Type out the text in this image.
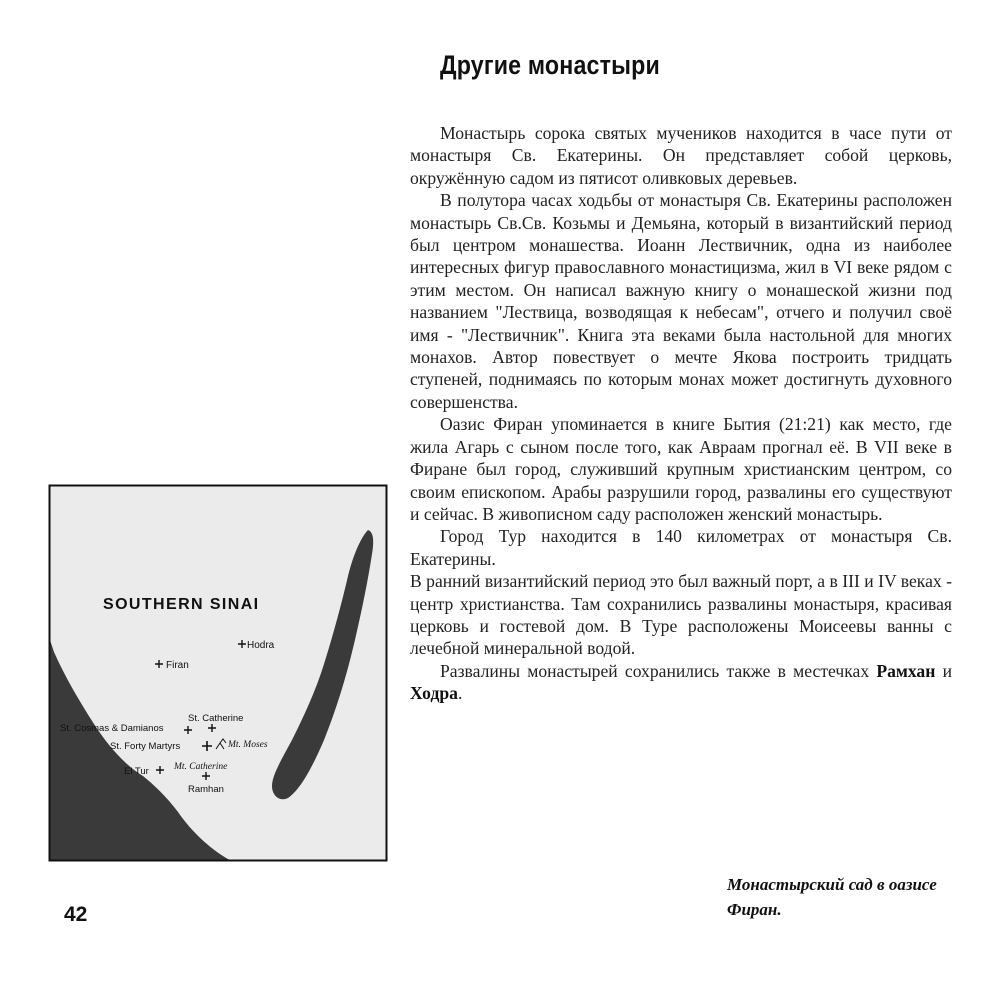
Другие монастыри

Монастырь сорока святых мучеников находится в часе пути от монастыря Св. Екатерины. Он представляет собой церковь, окружённую садом из пятисот оливковых деревьев.

В полутора часах ходьбы от монастыря Св. Екатерины расположен монастырь Св.Св. Козьмы и Демьяна, который в византийский период был центром монашества. Иоанн Лествичник, одна из наиболее интересных фигур православного монастицизма, жил в VI веке рядом с этим местом. Он написал важную книгу о монашеской жизни под названием "Лествица, возводящая к небесам", отчего и получил своё имя - "Лествичник". Книга эта веками была настольной для многих монахов. Автор повествует о мечте Якова построить тридцать ступеней, поднимаясь по которым монах может достигнуть духовного совершенства.

Оазис Фиран упоминается в книге Бытия (21:21) как место, где жила Агарь с сыном после того, как Авраам прогнал её. В VII веке в Фиране был город, служивший крупным христианским центром, со своим епископом. Арабы разрушили город, развалины его существуют и сейчас. В живописном саду расположен женский монастырь.

Город Тур находится в 140 километрах от монастыря Св. Екатерины.

В ранний византийский период это был важный порт, а в III и IV веках - центр христианства. Там сохранились развалины монастыря, красивая церковь и гостевой дом. В Туре расположены Моисеевы ванны с лечебной минеральной водой.

Развалины монастырей сохранились также в местечках Рамхан и Ходра.

SOUTHERN SINAI
Hodra
Firan
St. Catherine
St. Cosmas & Damianos
St. Forty Martyrs	Mt. Moses
El Tur	Mt. Catherine
Ramhan
42
Монастырский сад в оазисе Фиран.
